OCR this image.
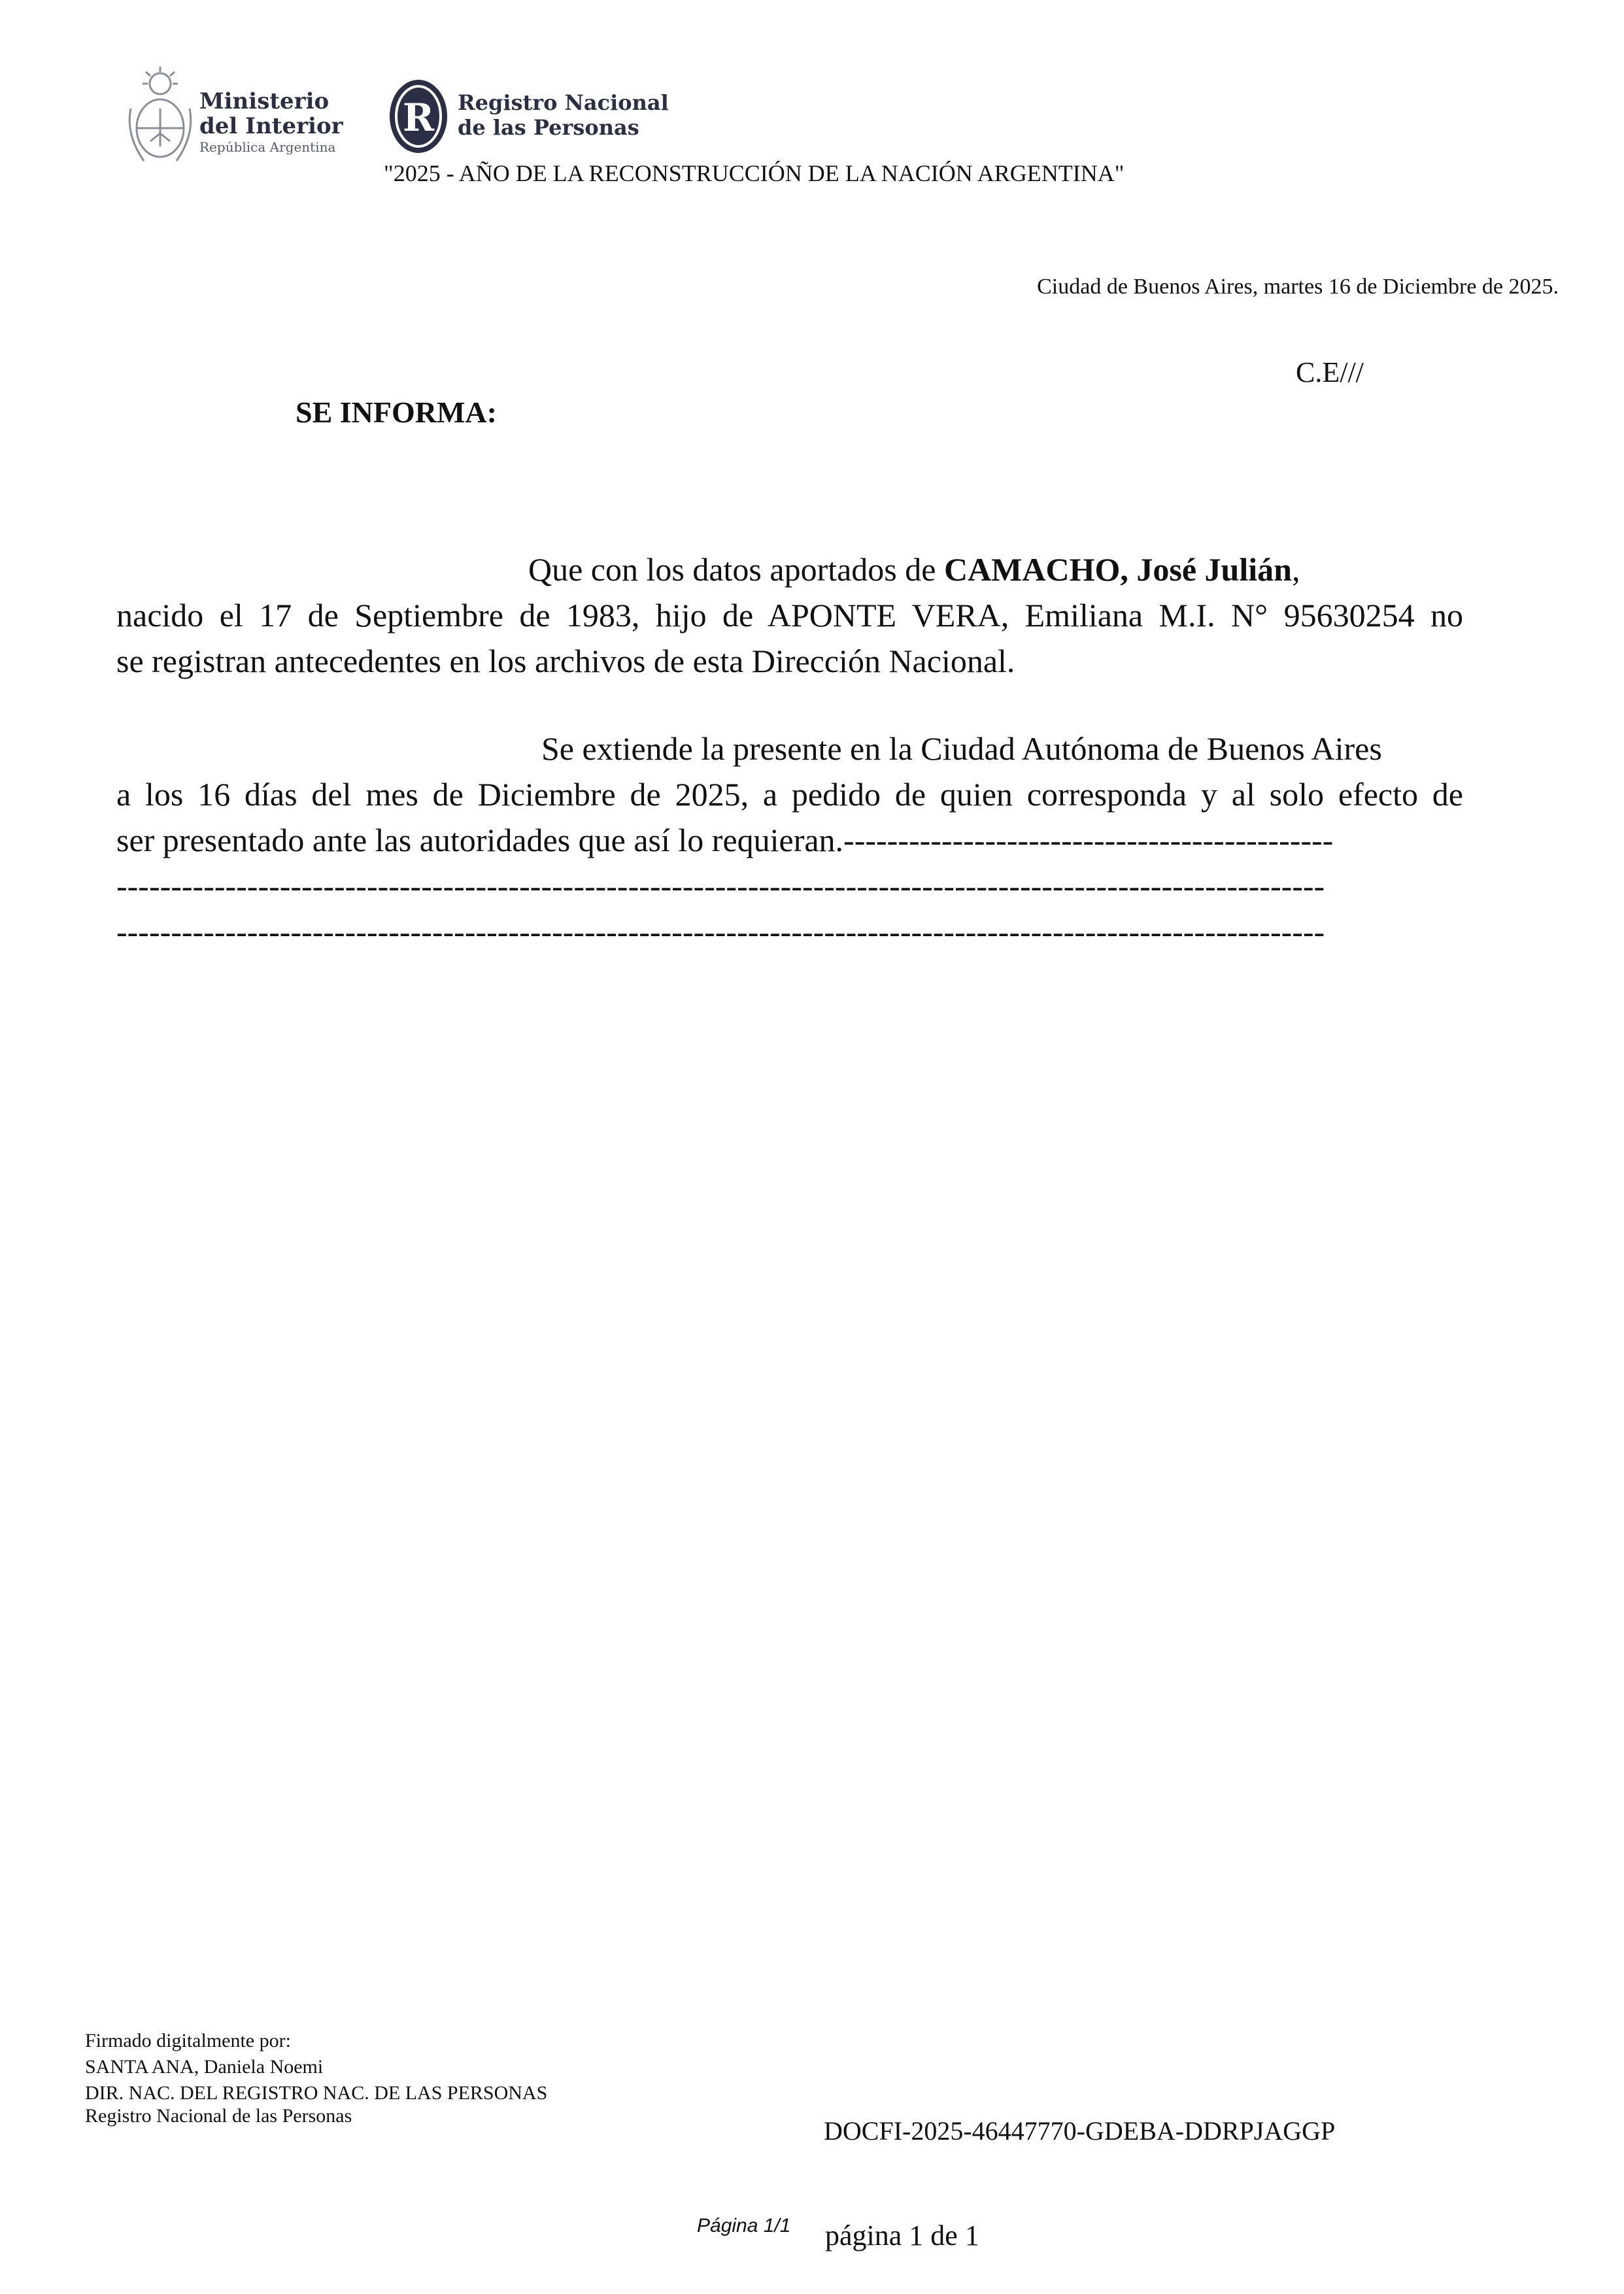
Ministerio
del Interior
República Argentina
R Registro Nacional
de las Personas
"2025 - AÑO DE LA RECONSTRUCCIÓN DE LA NACIÓN ARGENTINA"
Ciudad de Buenos Aires, martes 16 de Diciembre de 2025.
C.E///
SE INFORMA:
Que con los datos aportados de CAMACHO, José Julián,
nacido el 17 de Septiembre de 1983, hijo de APONTE VERA, Emiliana M.I. N° 95630254 no
se registran antecedentes en los archivos de esta Dirección Nacional.
Se extiende la presente en la Ciudad Autónoma de Buenos Aires
a los 16 días del mes de Diciembre de 2025, a pedido de quien corresponda y al solo efecto de
ser presentado ante las autoridades que así lo requieran.---------------------------------------------
---------------------------------------------------------------------------------------------------------------
---------------------------------------------------------------------------------------------------------------
Firmado digitalmente por:
SANTA ANA, Daniela Noemi
DIR. NAC. DEL REGISTRO NAC. DE LAS PERSONAS
Registro Nacional de las Personas
DOCFI-2025-46447770-GDEBA-DDRPJAGGP
Página 1/1 página 1 de 1
